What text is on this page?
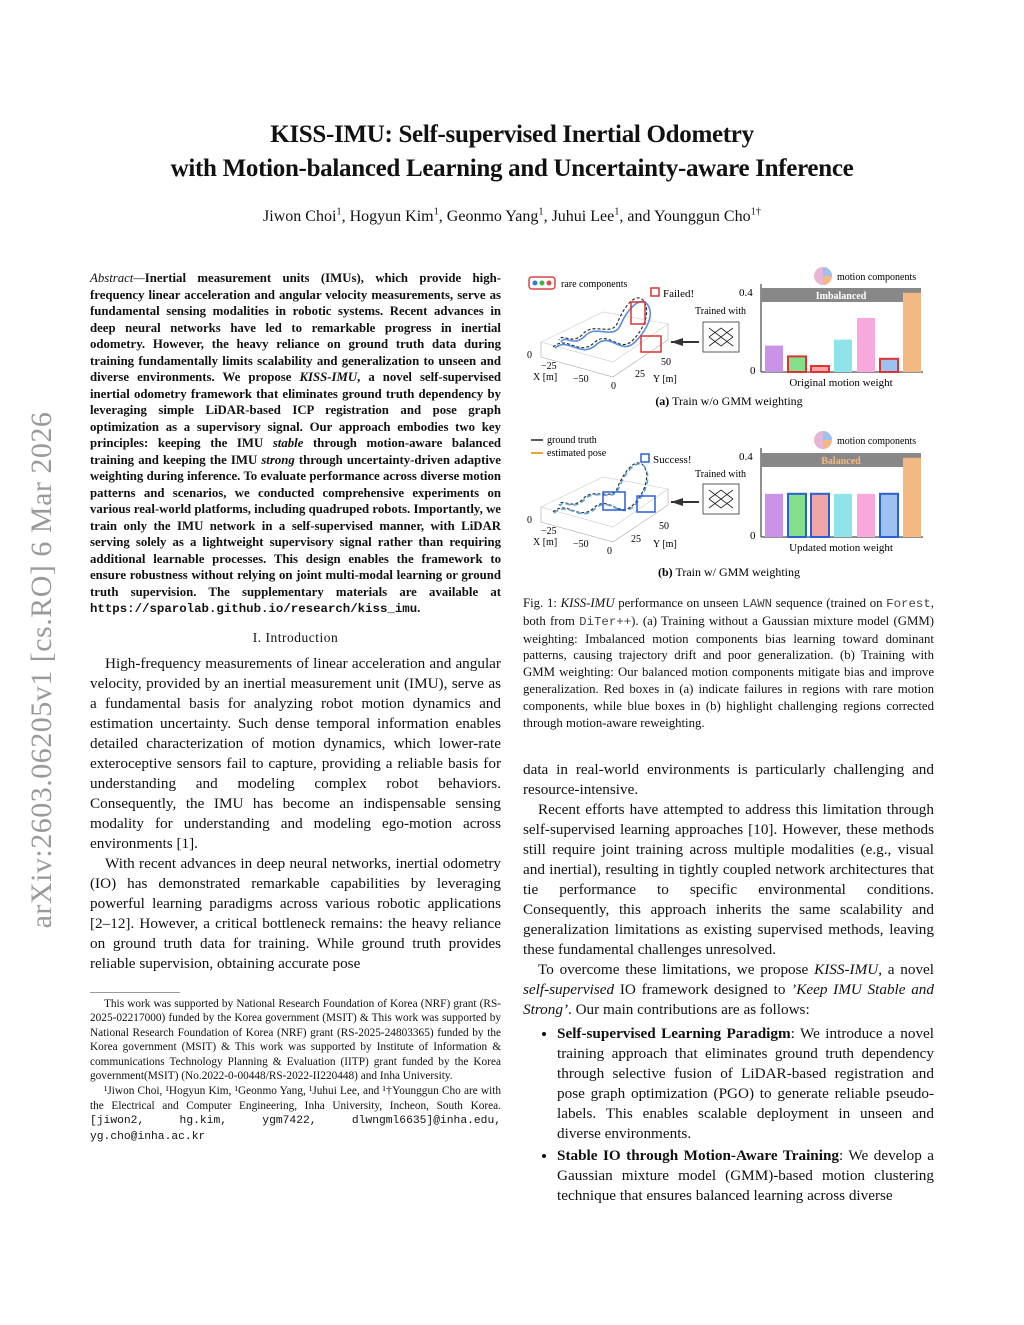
arXiv:2603.06205v1 [cs.RO] 6 Mar 2026
KISS-IMU: Self-supervised Inertial Odometry
with Motion-balanced Learning and Uncertainty-aware Inference
Jiwon Choi$^1$, Hogyun Kim$^1$, Geonmo Yang$^1$, Juhui Lee$^1$, and Younggun Cho$^{1\dagger}$

Abstract—Inertial measurement units (IMUs), which provide high-frequency linear acceleration and angular velocity measurements, serve as fundamental sensing modalities in robotic systems. Recent advances in deep neural networks have led to remarkable progress in inertial odometry. However, the heavy reliance on ground truth data during training fundamentally limits scalability and generalization to unseen and diverse environments. We propose KISS-IMU, a novel self-supervised inertial odometry framework that eliminates ground truth dependency by leveraging simple LiDAR-based ICP registration and pose graph optimization as a supervisory signal. Our approach embodies two key principles: keeping the IMU stable through motion-aware balanced training and keeping the IMU strong through uncertainty-driven adaptive weighting during inference. To evaluate performance across diverse motion patterns and scenarios, we conducted comprehensive experiments on various real-world platforms, including quadruped robots. Importantly, we train only the IMU network in a self-supervised manner, with LiDAR serving solely as a lightweight supervisory signal rather than requiring additional learnable processes. This design enables the framework to ensure robustness without relying on joint multi-modal learning or ground truth supervision. The supplementary materials are available at https://sparolab.github.io/research/kiss_imu.

I. Introduction

High-frequency measurements of linear acceleration and angular velocity, provided by an inertial measurement unit (IMU), serve as a fundamental basis for analyzing robot motion dynamics and estimation uncertainty. Such dense temporal information enables detailed characterization of motion dynamics, which lower-rate exteroceptive sensors fail to capture, providing a reliable basis for understanding and modeling complex robot behaviors. Consequently, the IMU has become an indispensable sensing modality for understanding and modeling ego-motion across environments [1].

With recent advances in deep neural networks, inertial odometry (IO) has demonstrated remarkable capabilities by leveraging powerful learning paradigms across various robotic applications [2–12]. However, a critical bottleneck remains: the heavy reliance on ground truth data for training. While ground truth provides reliable supervision, obtaining accurate pose

This work was supported by National Research Foundation of Korea (NRF) grant (RS-2025-02217000) funded by the Korea government (MSIT) & This work was supported by National Research Foundation of Korea (NRF) grant (RS-2025-24803365) funded by the Korea government (MSIT) & This work was supported by Institute of Information & communications Technology Planning & Evaluation (IITP) grant funded by the Korea government(MSIT) (No.2022-0-00448/RS-2022-II220448) and Inha University.

¹Jiwon Choi, ¹Hogyun Kim, ¹Geonmo Yang, ¹Juhui Lee, and ¹†Younggun Cho are with the Electrical and Computer Engineering, Inha University, Incheon, South Korea. [jiwon2, hg.kim, ygm7422, dlwngml6635]@inha.edu, yg.cho@inha.ac.kr

rare components
Failed!
0
−25
X [m] −50
0
25
50
Y [m]
Trained with
motion components
0.4
0
Imbalanced
Original motion weight
(a) Train w/o GMM weighting
ground truth
estimated pose
Success!
0
−25
X [m] −50
0
25
50
Y [m]
Trained with
motion components
0.4
0
Balanced
Updated motion weight
(b) Train w/ GMM weighting
Fig. 1: KISS-IMU performance on unseen LAWN sequence (trained on Forest, both from DiTer++). (a) Training without a Gaussian mixture model (GMM) weighting: Imbalanced motion components bias learning toward dominant patterns, causing trajectory drift and poor generalization. (b) Training with GMM weighting: Our balanced motion components mitigate bias and improve generalization. Red boxes in (a) indicate failures in regions with rare motion components, while blue boxes in (b) highlight challenging regions corrected through motion-aware reweighting.

data in real-world environments is particularly challenging and resource-intensive.

Recent efforts have attempted to address this limitation through self-supervised learning approaches [10]. However, these methods still require joint training across multiple modalities (e.g., visual and inertial), resulting in tightly coupled network architectures that tie performance to specific environmental conditions. Consequently, this approach inherits the same scalability and generalization limitations as existing supervised methods, leaving these fundamental challenges unresolved.

To overcome these limitations, we propose KISS-IMU, a novel self-supervised IO framework designed to ’Keep IMU Stable and Strong’. Our main contributions are as follows:

• Self-supervised Learning Paradigm: We introduce a novel training approach that eliminates ground truth dependency through selective fusion of LiDAR-based registration and pose graph optimization (PGO) to generate reliable pseudo-labels. This enables scalable deployment in unseen and diverse environments.
• Stable IO through Motion-Aware Training: We develop a Gaussian mixture model (GMM)-based motion clustering technique that ensures balanced learning across diverse
